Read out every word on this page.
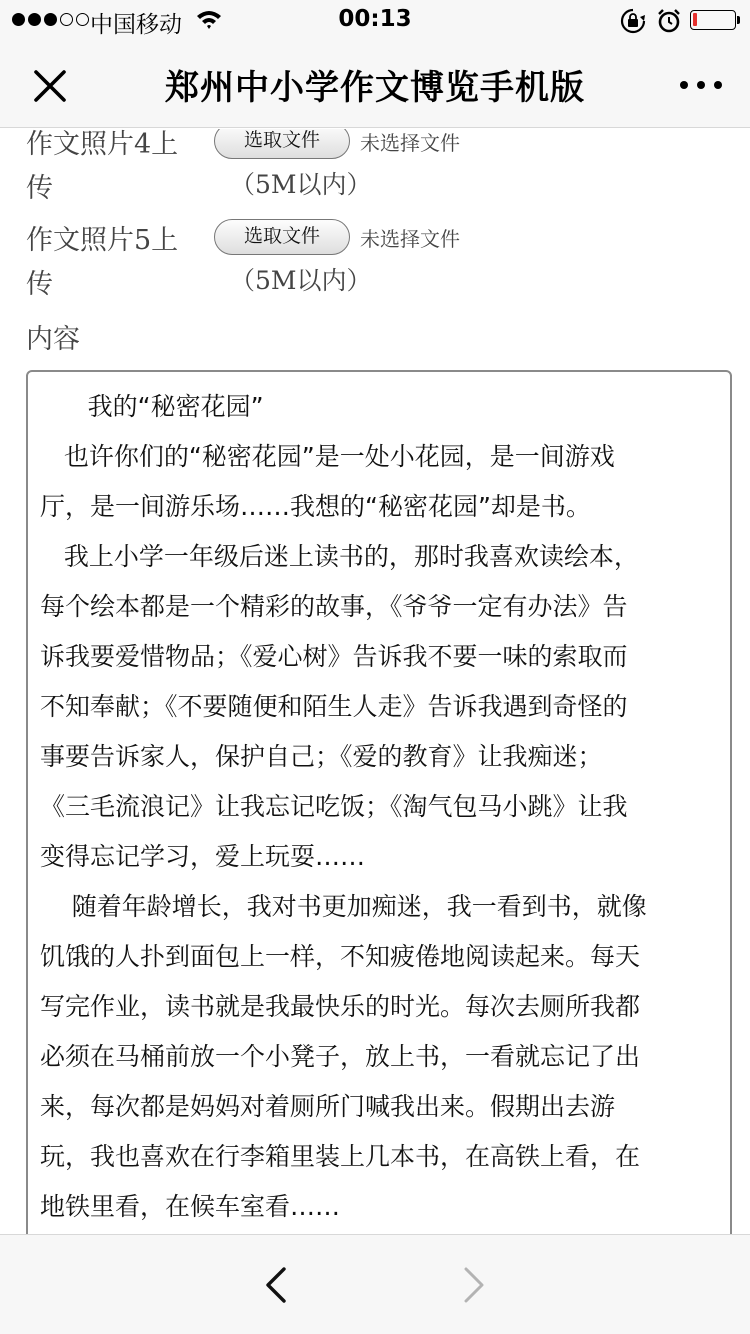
中国移动	00:13
郑州中小学作文博览手机版
作文照片4上
传
选取文件	未选择文件
（5M以内）
作文照片5上
传
选取文件	未选择文件
（5M以内）
内容
我的“秘密花园”
也许你们的“秘密花园”是一处小花园，是一间游戏
厅，是一间游乐场……我想的“秘密花园”却是书。
我上小学一年级后迷上读书的，那时我喜欢读绘本，
每个绘本都是一个精彩的故事，《爷爷一定有办法》告
诉我要爱惜物品；《爱心树》告诉我不要一味的索取而
不知奉献；《不要随便和陌生人走》告诉我遇到奇怪的
事要告诉家人，保护自己；《爱的教育》让我痴迷；
《三毛流浪记》让我忘记吃饭；《淘气包马小跳》让我
变得忘记学习，爱上玩耍……
随着年龄增长，我对书更加痴迷，我一看到书，就像
饥饿的人扑到面包上一样，不知疲倦地阅读起来。每天
写完作业，读书就是我最快乐的时光。每次去厕所我都
必须在马桶前放一个小凳子，放上书，一看就忘记了出
来，每次都是妈妈对着厕所门喊我出来。假期出去游
玩，我也喜欢在行李箱里装上几本书，在高铁上看，在
地铁里看，在候车室看……
